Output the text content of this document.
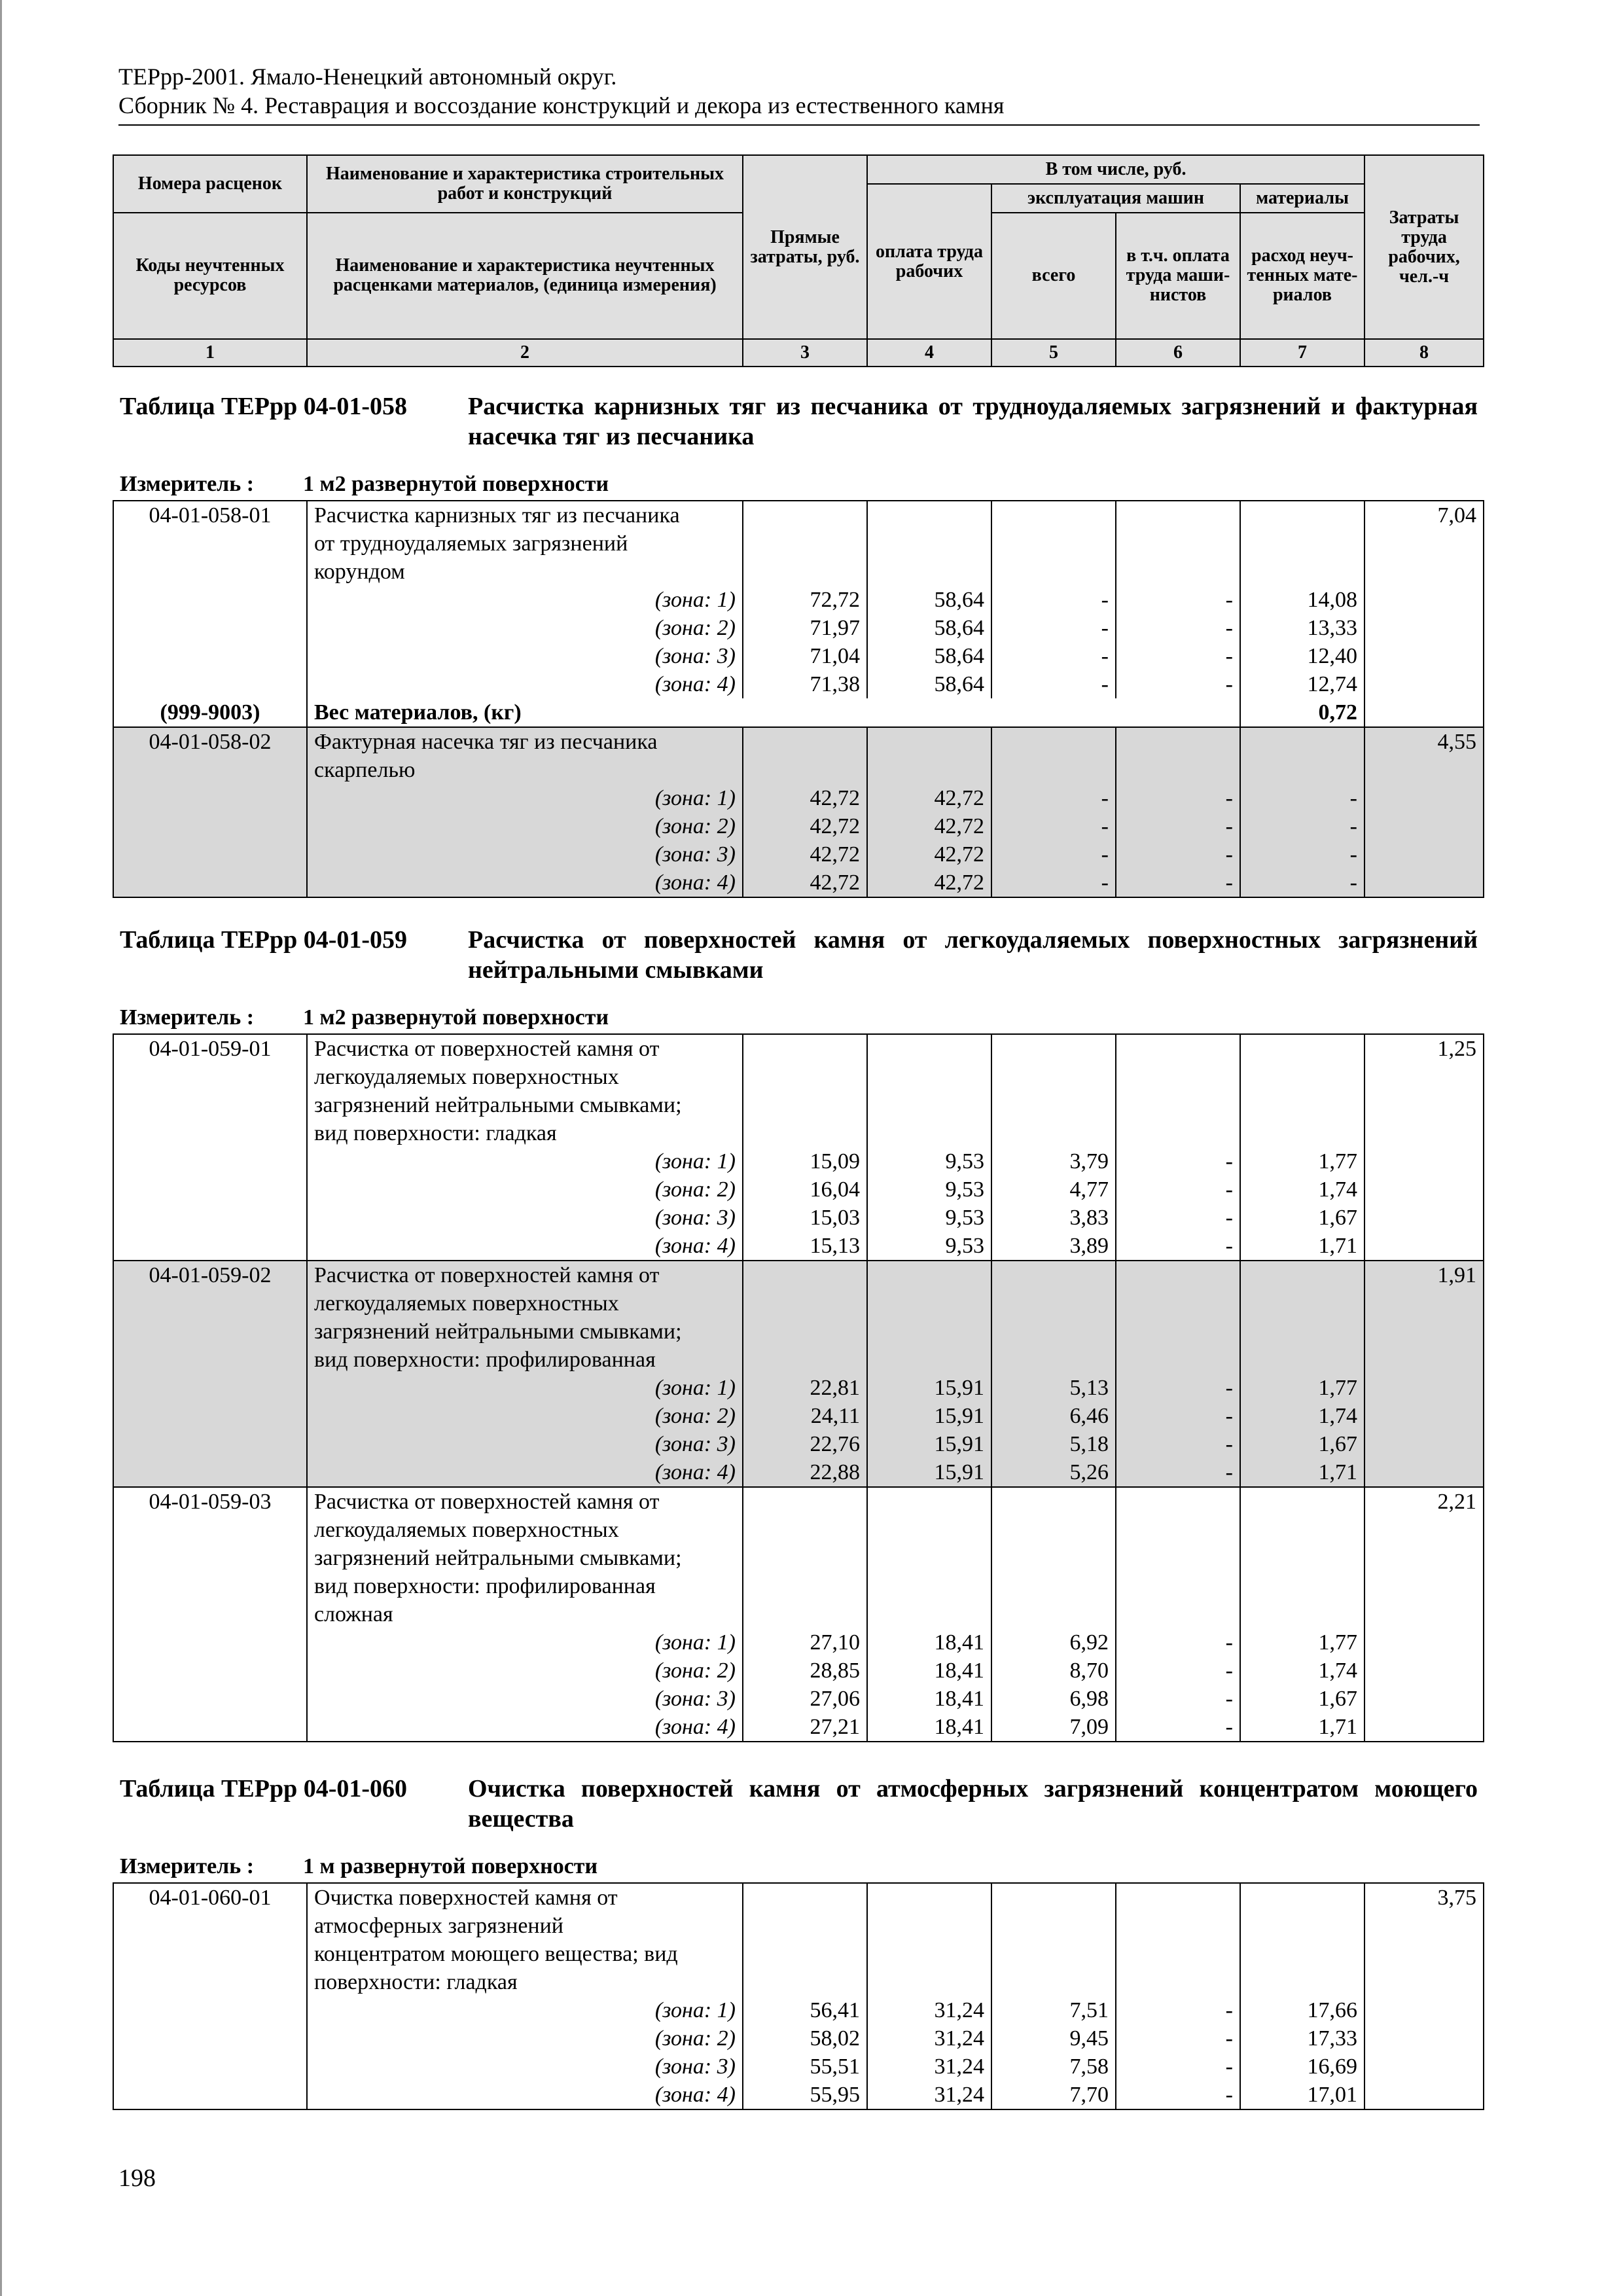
ТЕРрр-2001. Ямало-Ненецкий автономный округ.
Сборник № 4. Реставрация и воссоздание конструкций и декора из естественного камня
Номера расценок	Наименование и характеристика строительных работ и конструкций	Прямые затраты, руб.	В том числе, руб.				Затраты труда рабочих, чел.-ч
			оплата труда рабочих	эксплуатация машин		материалы	
Коды неучтенных ресурсов	Наименование и характеристика неучтенных расценками материалов, (единица измерения)			всего	в т.ч. оплата труда маши-нистов	расход неуч-тенных мате-риалов	

1	2	3	4	5	6	7	8
Таблица ТЕРрр 04-01-058 Расчистка карнизных тяг из песчаника от трудноудаляемых загрязнений и фактурная насечка тяг из песчаника
Измеритель : 1 м2 развернутой поверхности
04-01-058-01	Расчистка карнизных тяг из песчаника						7,04
	от трудноудаляемых загрязнений						
	корундом						
	(зона: 1)	72,72	58,64	-	-	14,08	
	(зона: 2)	71,97	58,64	-	-	13,33	
	(зона: 3)	71,04	58,64	-	-	12,40	
	(зона: 4)	71,38	58,64	-	-	12,74	
(999-9003)	Вес материалов, (кг)					0,72	
04-01-058-02	Фактурная насечка тяг из песчаника						4,55
	скарпелью						
	(зона: 1)	42,72	42,72	-	-	-	
	(зона: 2)	42,72	42,72	-	-	-	
	(зона: 3)	42,72	42,72	-	-	-	
	(зона: 4)	42,72	42,72	-	-	-	
Таблица ТЕРрр 04-01-059 Расчистка от поверхностей камня от легкоудаляемых поверхностных загрязнений нейтральными смывками
Измеритель : 1 м2 развернутой поверхности
04-01-059-01	Расчистка от поверхностей камня от						1,25
	легкоудаляемых поверхностных						
	загрязнений нейтральными смывками;						
	вид поверхности: гладкая						
	(зона: 1)	15,09	9,53	3,79	-	1,77	
	(зона: 2)	16,04	9,53	4,77	-	1,74	
	(зона: 3)	15,03	9,53	3,83	-	1,67	
	(зона: 4)	15,13	9,53	3,89	-	1,71	
04-01-059-02	Расчистка от поверхностей камня от						1,91
	легкоудаляемых поверхностных						
	загрязнений нейтральными смывками;						
	вид поверхности: профилированная						
	(зона: 1)	22,81	15,91	5,13	-	1,77	
	(зона: 2)	24,11	15,91	6,46	-	1,74	
	(зона: 3)	22,76	15,91	5,18	-	1,67	
	(зона: 4)	22,88	15,91	5,26	-	1,71	
04-01-059-03	Расчистка от поверхностей камня от						2,21
	легкоудаляемых поверхностных						
	загрязнений нейтральными смывками;						
	вид поверхности: профилированная						
	сложная						
	(зона: 1)	27,10	18,41	6,92	-	1,77	
	(зона: 2)	28,85	18,41	8,70	-	1,74	
	(зона: 3)	27,06	18,41	6,98	-	1,67	
	(зона: 4)	27,21	18,41	7,09	-	1,71	
Таблица ТЕРрр 04-01-060 Очистка поверхностей камня от атмосферных загрязнений концентратом моющего вещества
Измеритель : 1 м развернутой поверхности
04-01-060-01	Очистка поверхностей камня от						3,75
	атмосферных загрязнений						
	концентратом моющего вещества; вид						
	поверхности: гладкая						
	(зона: 1)	56,41	31,24	7,51	-	17,66	
	(зона: 2)	58,02	31,24	9,45	-	17,33	
	(зона: 3)	55,51	31,24	7,58	-	16,69	
	(зона: 4)	55,95	31,24	7,70	-	17,01	
198
